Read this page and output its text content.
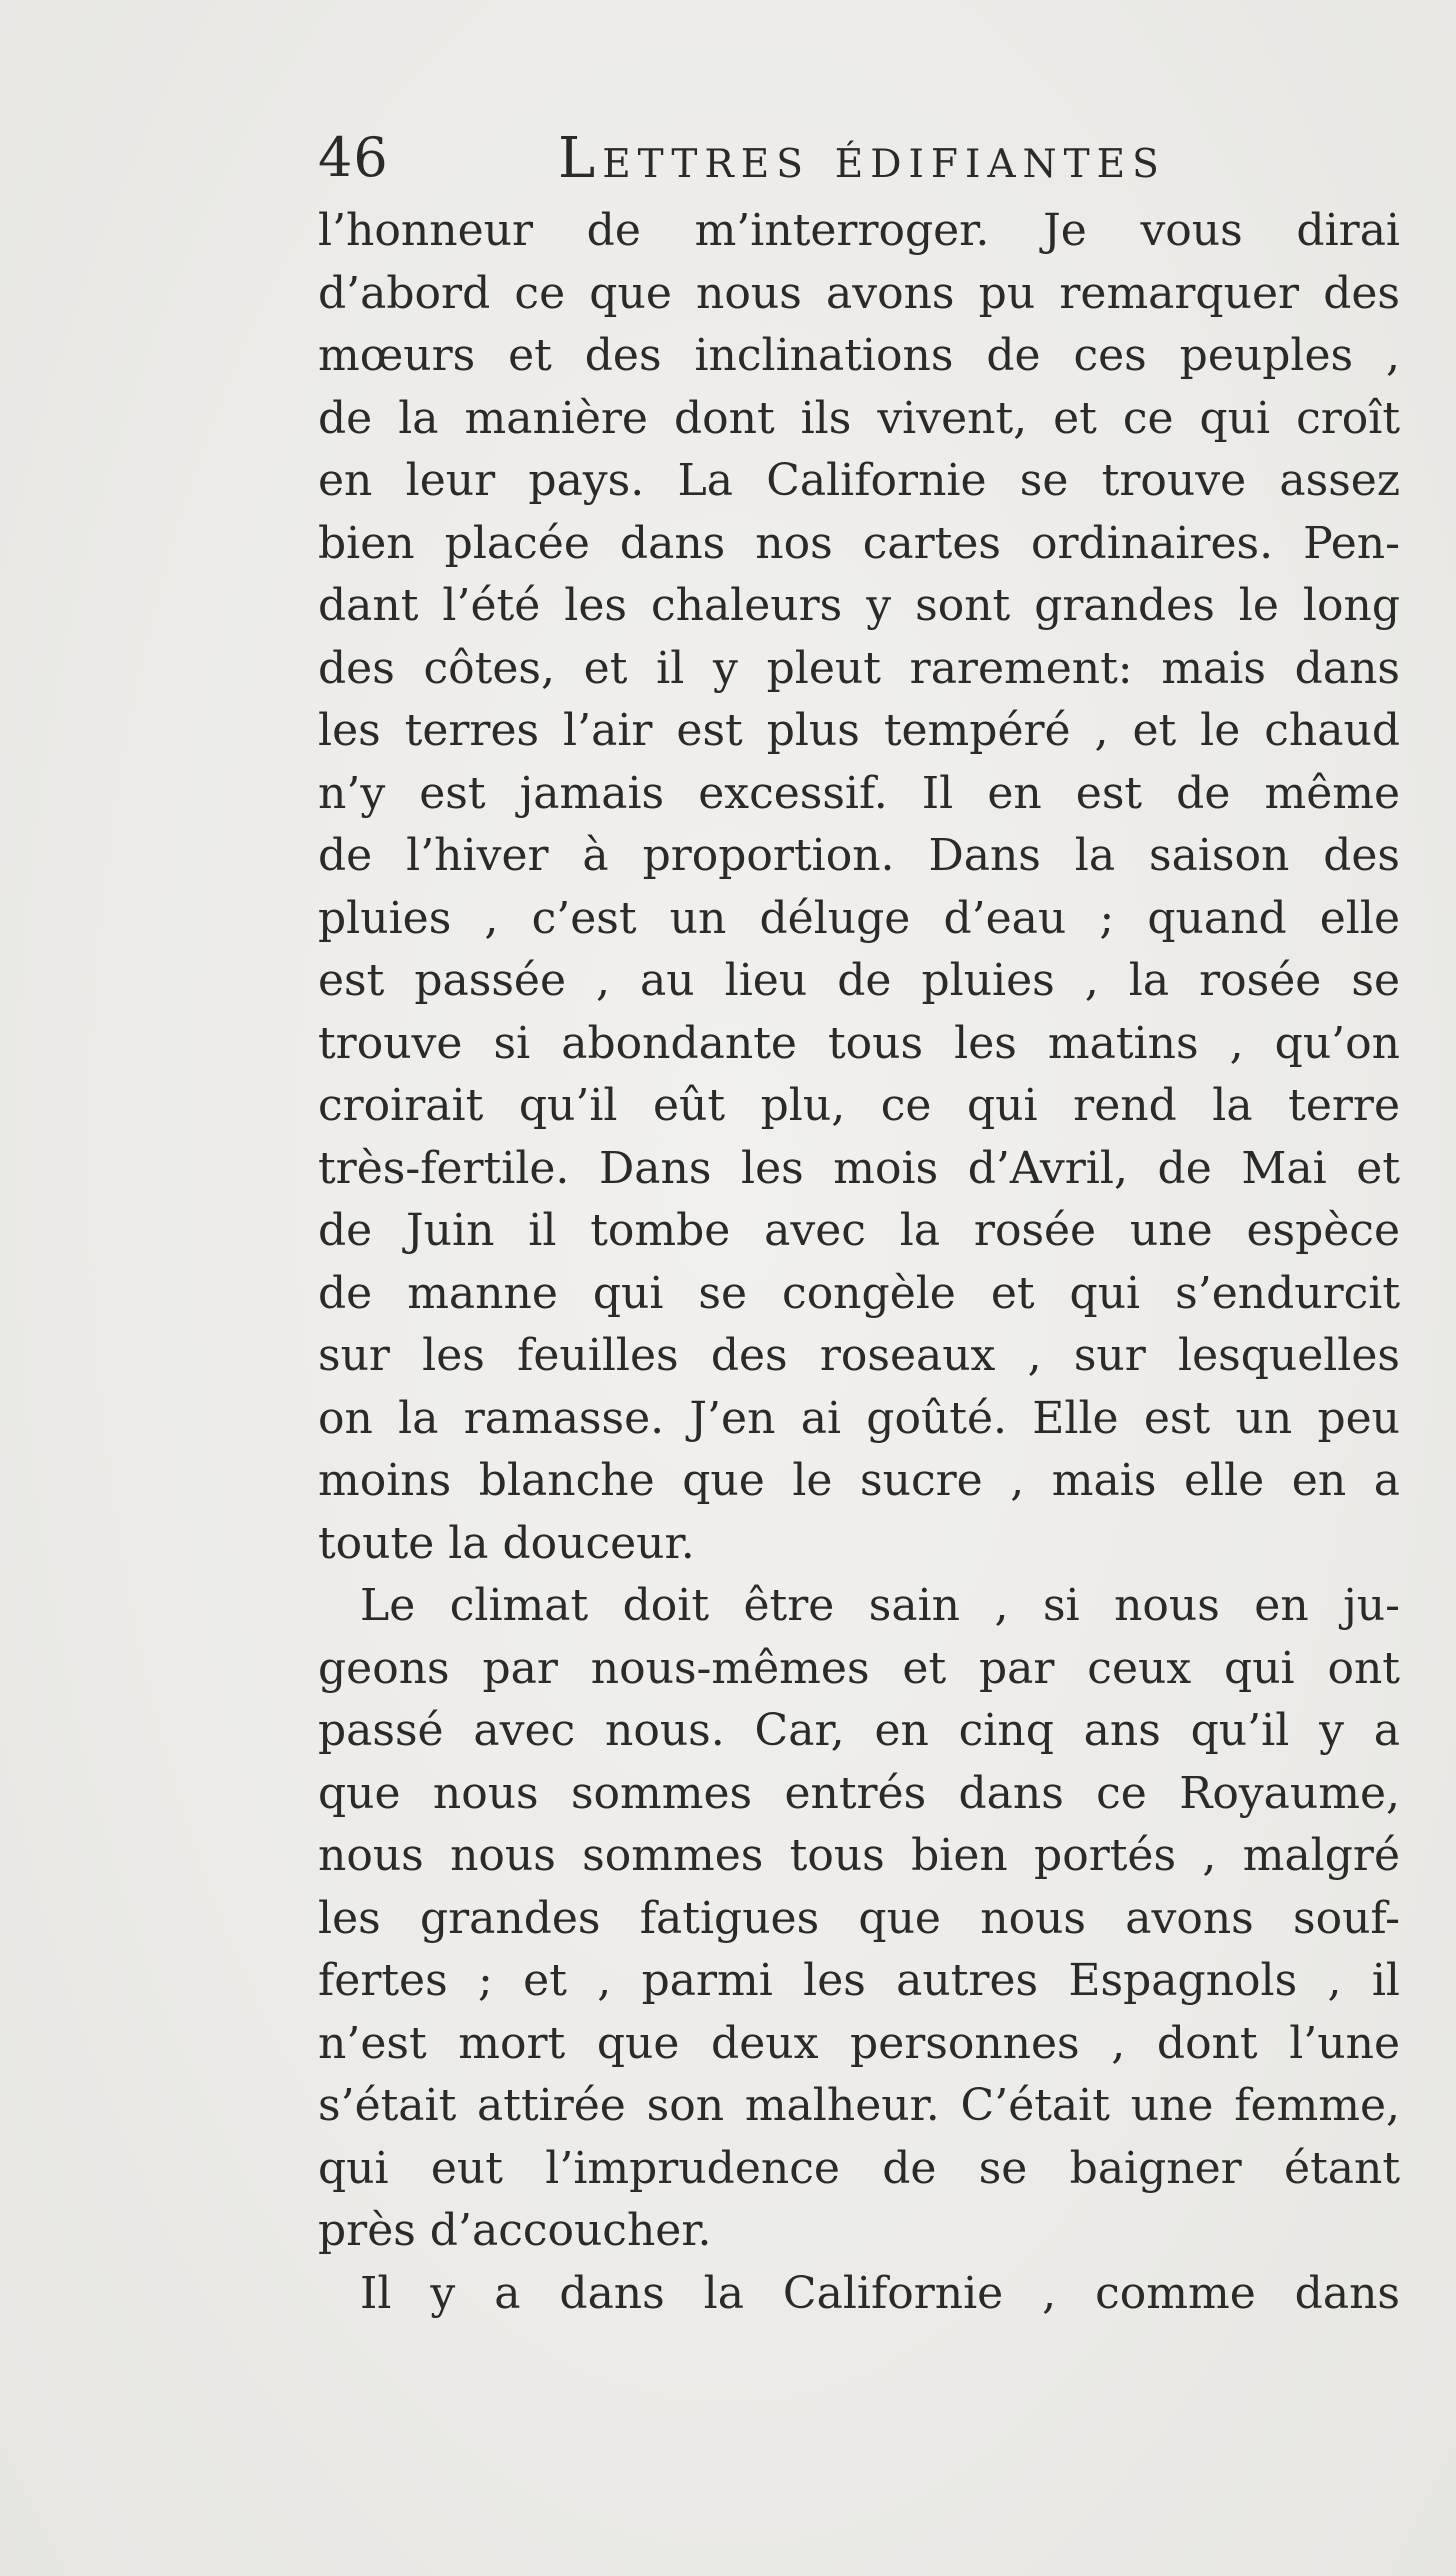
46	Lettres édifiantes
l’honneur de m’interroger. Je vous dirai
d’abord ce que nous avons pu remarquer des
mœurs et des inclinations de ces peuples ,
de la manière dont ils vivent, et ce qui croît
en leur pays. La Californie se trouve assez
bien placée dans nos cartes ordinaires. Pen-
dant l’été les chaleurs y sont grandes le long
des côtes, et il y pleut rarement: mais dans
les terres l’air est plus tempéré , et le chaud
n’y est jamais excessif. Il en est de même
de l’hiver à proportion. Dans la saison des
pluies , c’est un déluge d’eau ; quand elle
est passée , au lieu de pluies , la rosée se
trouve si abondante tous les matins , qu’on
croirait qu’il eût plu, ce qui rend la terre
très-fertile. Dans les mois d’Avril, de Mai et
de Juin il tombe avec la rosée une espèce
de manne qui se congèle et qui s’endurcit
sur les feuilles des roseaux , sur lesquelles
on la ramasse. J’en ai goûté. Elle est un peu
moins blanche que le sucre , mais elle en a
toute la douceur.
Le climat doit être sain , si nous en ju-
geons par nous-mêmes et par ceux qui ont
passé avec nous. Car, en cinq ans qu’il y a
que nous sommes entrés dans ce Royaume,
nous nous sommes tous bien portés , malgré
les grandes fatigues que nous avons souf-
fertes ; et , parmi les autres Espagnols , il
n’est mort que deux personnes , dont l’une
s’était attirée son malheur. C’était une femme,
qui eut l’imprudence de se baigner étant
près d’accoucher.
Il y a dans la Californie , comme dans
